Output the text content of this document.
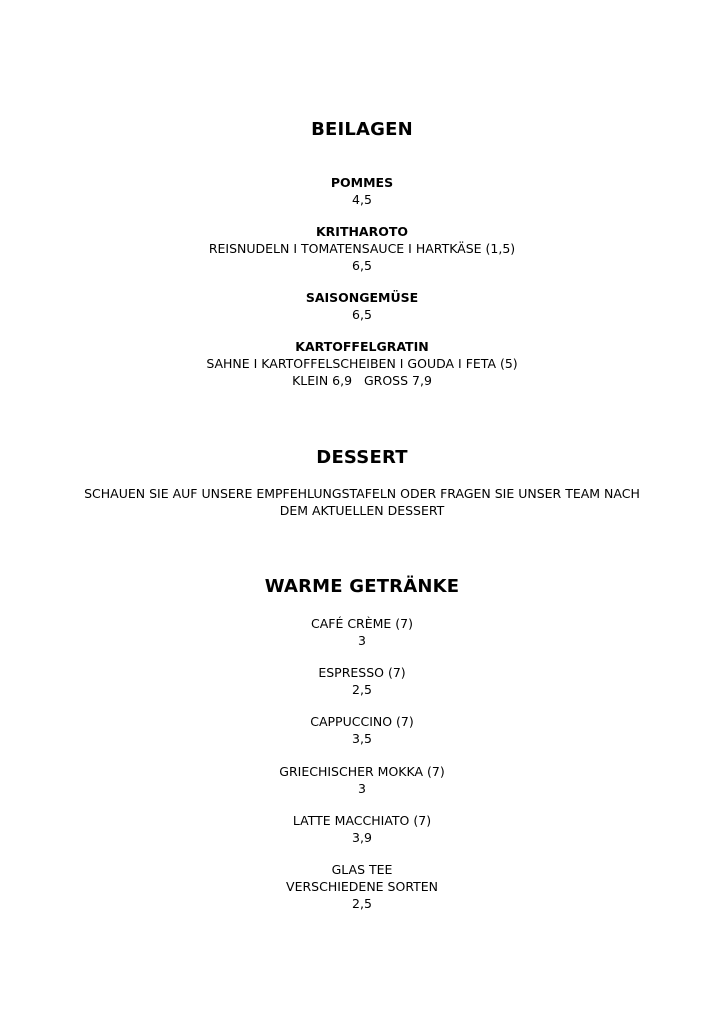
BEILAGEN
POMMES
4,5
KRITHAROTO
REISNUDELN I TOMATENSAUCE I HARTKÄSE (1,5)
6,5
SAISONGEMÜSE
6,5
KARTOFFELGRATIN
SAHNE I KARTOFFELSCHEIBEN I GOUDA I FETA (5)
KLEIN 6,9   GROSS 7,9
DESSERT
SCHAUEN SIE AUF UNSERE EMPFEHLUNGSTAFELN ODER FRAGEN SIE UNSER TEAM NACH
DEM AKTUELLEN DESSERT
WARME GETRÄNKE
CAFÉ CRÈME (7)
3
ESPRESSO (7)
2,5
CAPPUCCINO (7)
3,5
GRIECHISCHER MOKKA (7)
3
LATTE MACCHIATO (7)
3,9
GLAS TEE
VERSCHIEDENE SORTEN
2,5
